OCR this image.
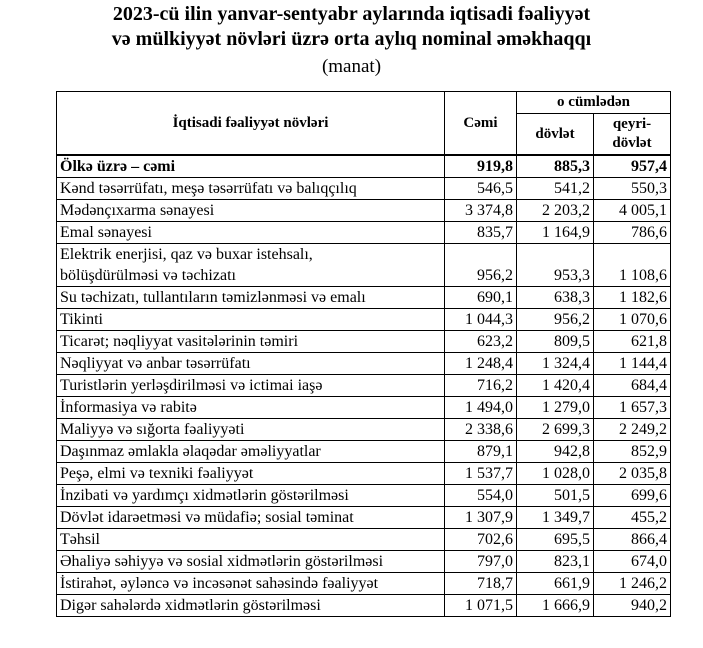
2023-cü ilin yanvar-sentyabr aylarında iqtisadi fəaliyyət
və mülkiyyət növləri üzrə orta aylıq nominal əməkhaqqı
(manat)
İqtisadi fəaliyyət növləri	Cəmi	o cümlədən	
		dövlət	qeyri-
dövlət

Ölkə üzrə – cəmi	919,8	885,3	957,4

Kənd təsərrüfatı, meşə təsərrüfatı və balıqçılıq	546,5	541,2	550,3

Mədənçıxarma sənayesi	3 374,8	2 203,2	4 005,1

Emal sənayesi	835,7	1 164,9	786,6

Elektrik enerjisi, qaz və buxar istehsalı,
bölüşdürülməsi və təchizatı	956,2	953,3	1 108,6

Su təchizatı, tullantıların təmizlənməsi və emalı	690,1	638,3	1 182,6

Tikinti	1 044,3	956,2	1 070,6

Ticarət; nəqliyyat vasitələrinin təmiri	623,2	809,5	621,8

Nəqliyyat və anbar təsərrüfatı	1 248,4	1 324,4	1 144,4

Turistlərin yerləşdirilməsi və ictimai iaşə	716,2	1 420,4	684,4

İnformasiya və rabitə	1 494,0	1 279,0	1 657,3

Maliyyə və sığorta fəaliyyəti	2 338,6	2 699,3	2 249,2

Daşınmaz əmlakla əlaqədar əməliyyatlar	879,1	942,8	852,9

Peşə, elmi və texniki fəaliyyət	1 537,7	1 028,0	2 035,8

İnzibati və yardımçı xidmətlərin göstərilməsi	554,0	501,5	699,6

Dövlət idarəetməsi və müdafiə; sosial təminat	1 307,9	1 349,7	455,2

Təhsil	702,6	695,5	866,4

Əhaliyə səhiyyə və sosial xidmətlərin göstərilməsi	797,0	823,1	674,0

İstirahət, əyləncə və incəsənət sahəsində fəaliyyət	718,7	661,9	1 246,2

Digər sahələrdə xidmətlərin göstərilməsi	1 071,5	1 666,9	940,2
